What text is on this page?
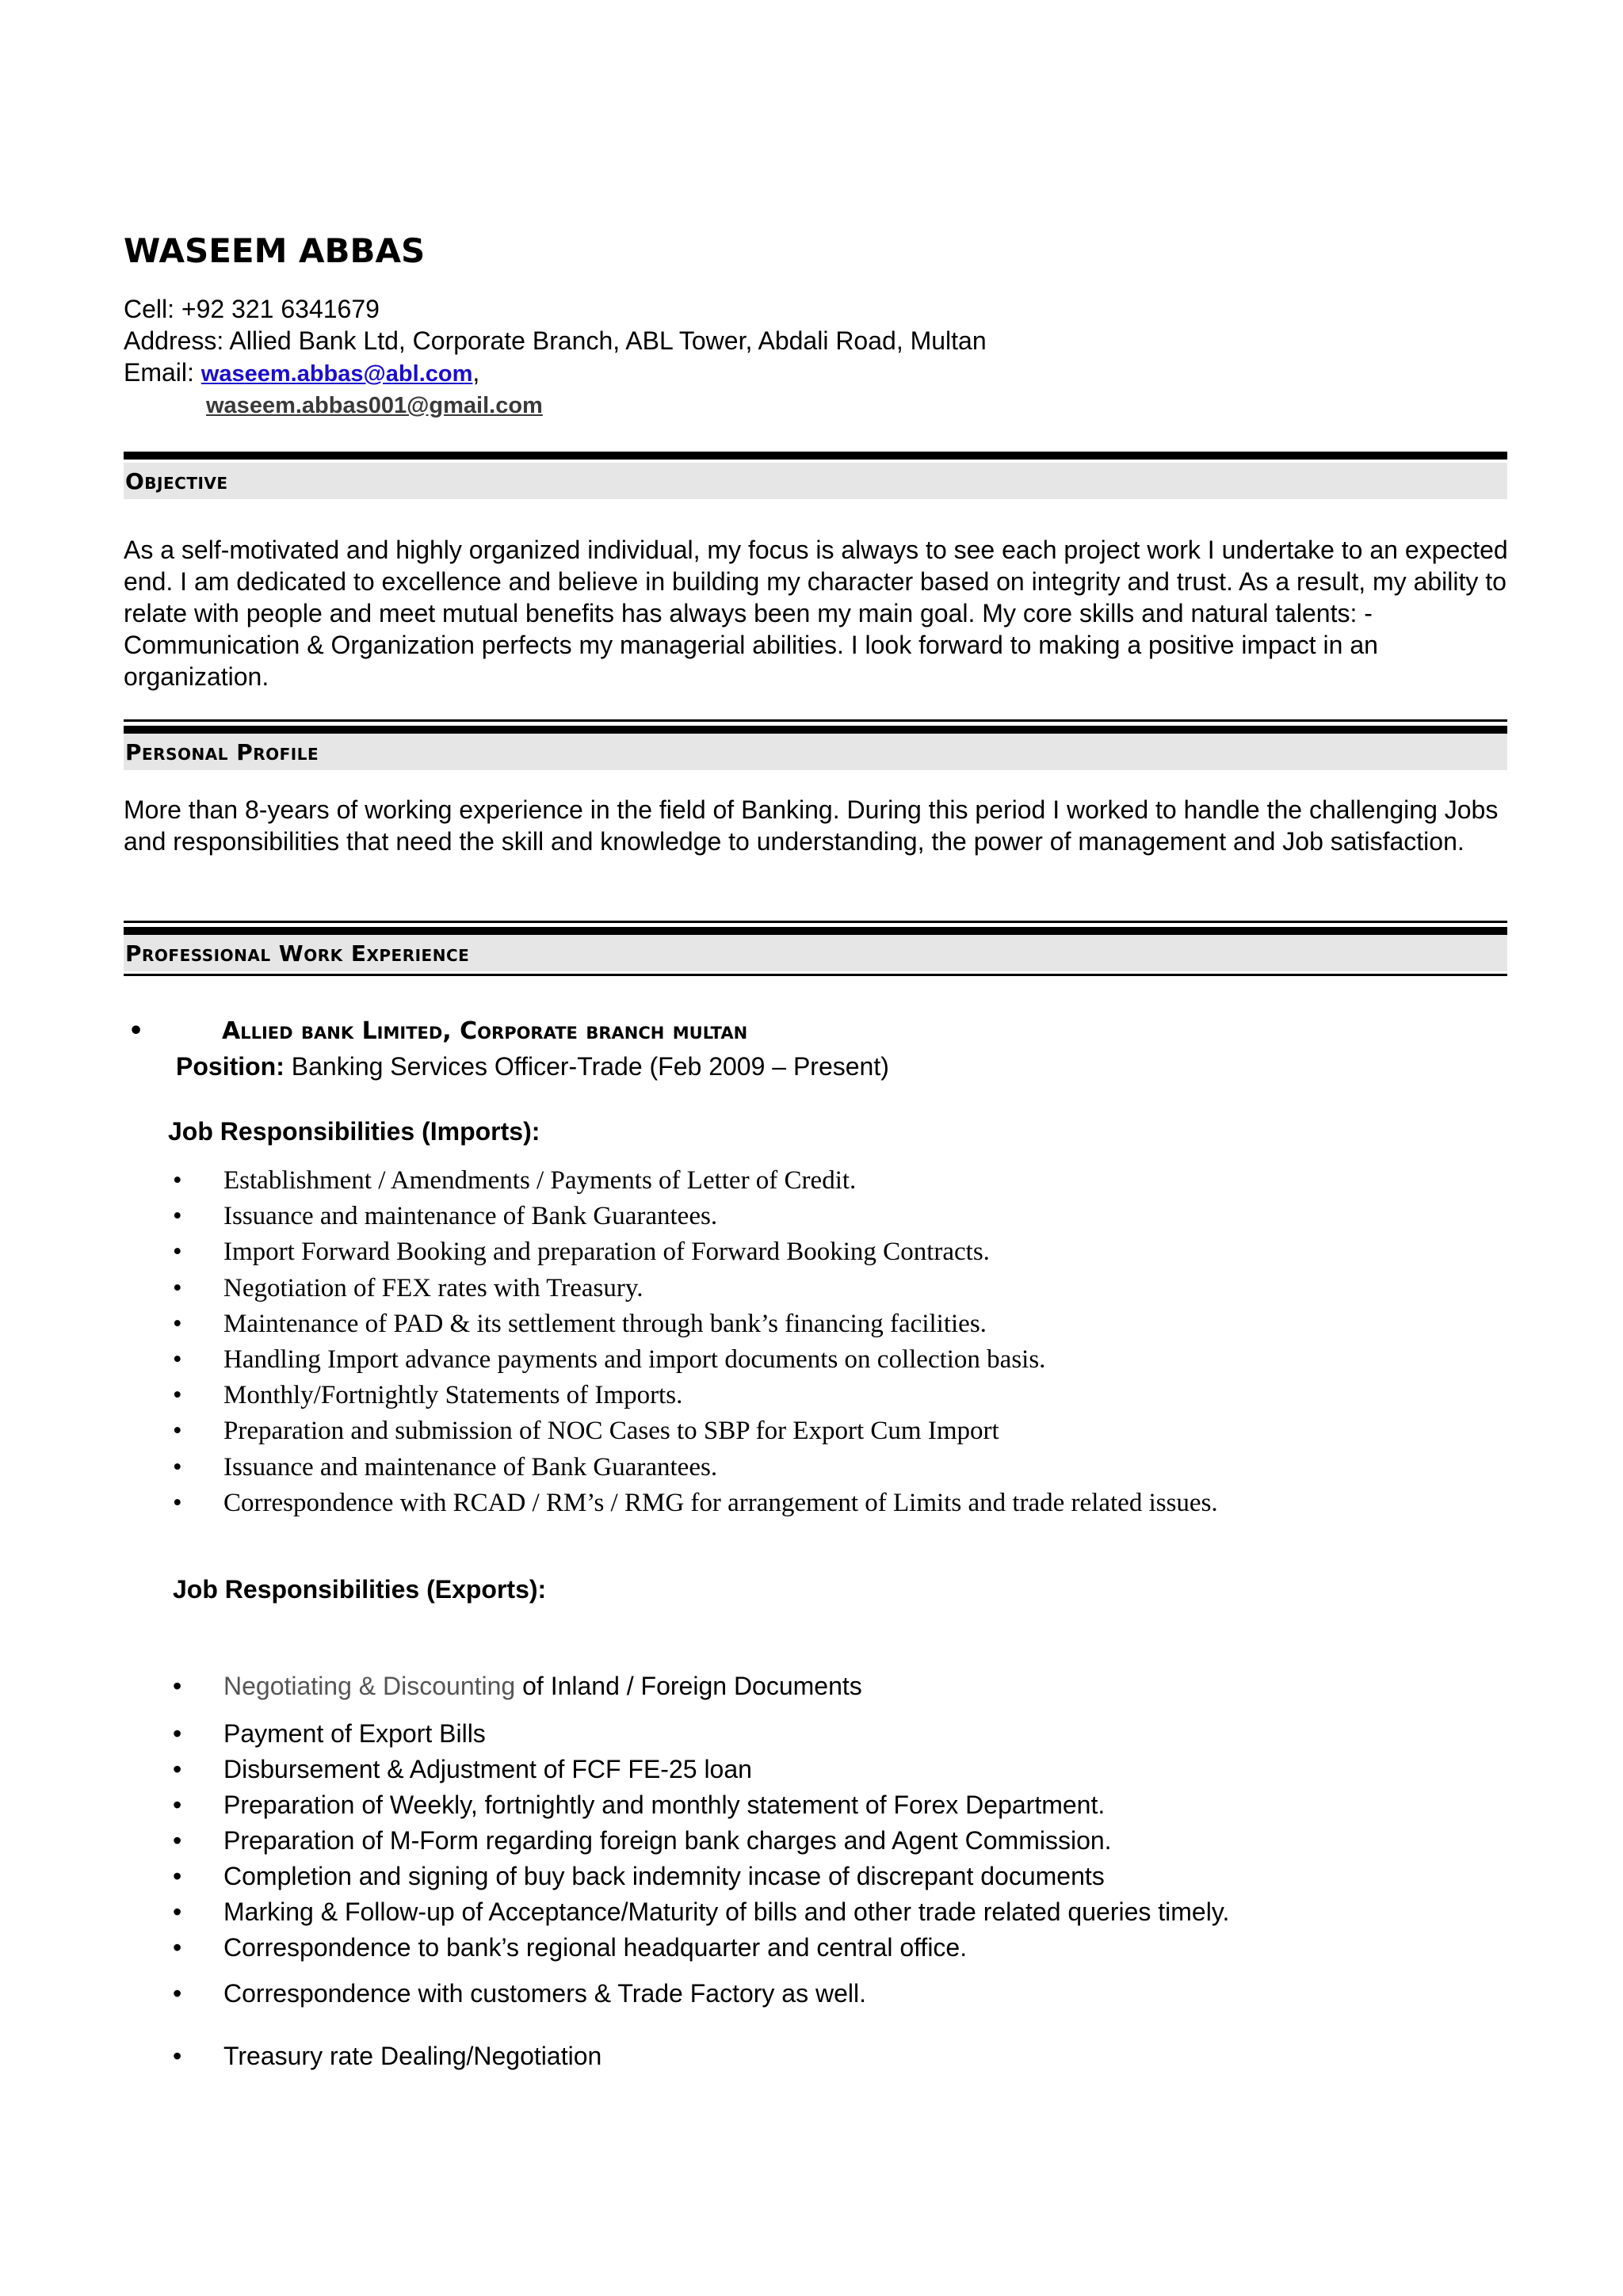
WASEEM ABBAS
Cell: +92 321 6341679
Address: Allied Bank Ltd, Corporate Branch, ABL Tower, Abdali Road, Multan
Email: waseem.abbas@abl.com,
waseem.abbas001@gmail.com
Objective
As a self-motivated and highly organized individual, my focus is always to see each project work I undertake to an expected end. I am dedicated to excellence and believe in building my character based on integrity and trust. As a result, my ability to relate with people and meet mutual benefits has always been my main goal. My core skills and natural talents: - Communication & Organization perfects my managerial abilities. I look forward to making a positive impact in an organization.
Personal Profile
More than 8-years of working experience in the field of Banking. During this period I worked to handle the challenging Jobs and responsibilities that need the skill and knowledge to understanding, the power of management and Job satisfaction.
Professional Work Experience
•	Allied bank Limited, Corporate branch multan
Position: Banking Services Officer-Trade (Feb 2009 – Present)
Job Responsibilities (Imports):
• Establishment / Amendments / Payments of Letter of Credit.
• Issuance and maintenance of Bank Guarantees.
• Import Forward Booking and preparation of Forward Booking Contracts.
• Negotiation of FEX rates with Treasury.
• Maintenance of PAD & its settlement through bank’s financing facilities.
• Handling Import advance payments and import documents on collection basis.
• Monthly/Fortnightly Statements of Imports.
• Preparation and submission of NOC Cases to SBP for Export Cum Import
• Issuance and maintenance of Bank Guarantees.
• Correspondence with RCAD / RM’s / RMG for arrangement of Limits and trade related issues.
Job Responsibilities (Exports):
• Negotiating & Discounting of Inland / Foreign Documents
• Payment of Export Bills
• Disbursement & Adjustment of FCF FE-25 loan
• Preparation of Weekly, fortnightly and monthly statement of Forex Department.
• Preparation of M-Form regarding foreign bank charges and Agent Commission.
• Completion and signing of buy back indemnity incase of discrepant documents
• Marking & Follow-up of Acceptance/Maturity of bills and other trade related queries timely.
• Correspondence to bank’s regional headquarter and central office.
• Correspondence with customers & Trade Factory as well.
• Treasury rate Dealing/Negotiation
